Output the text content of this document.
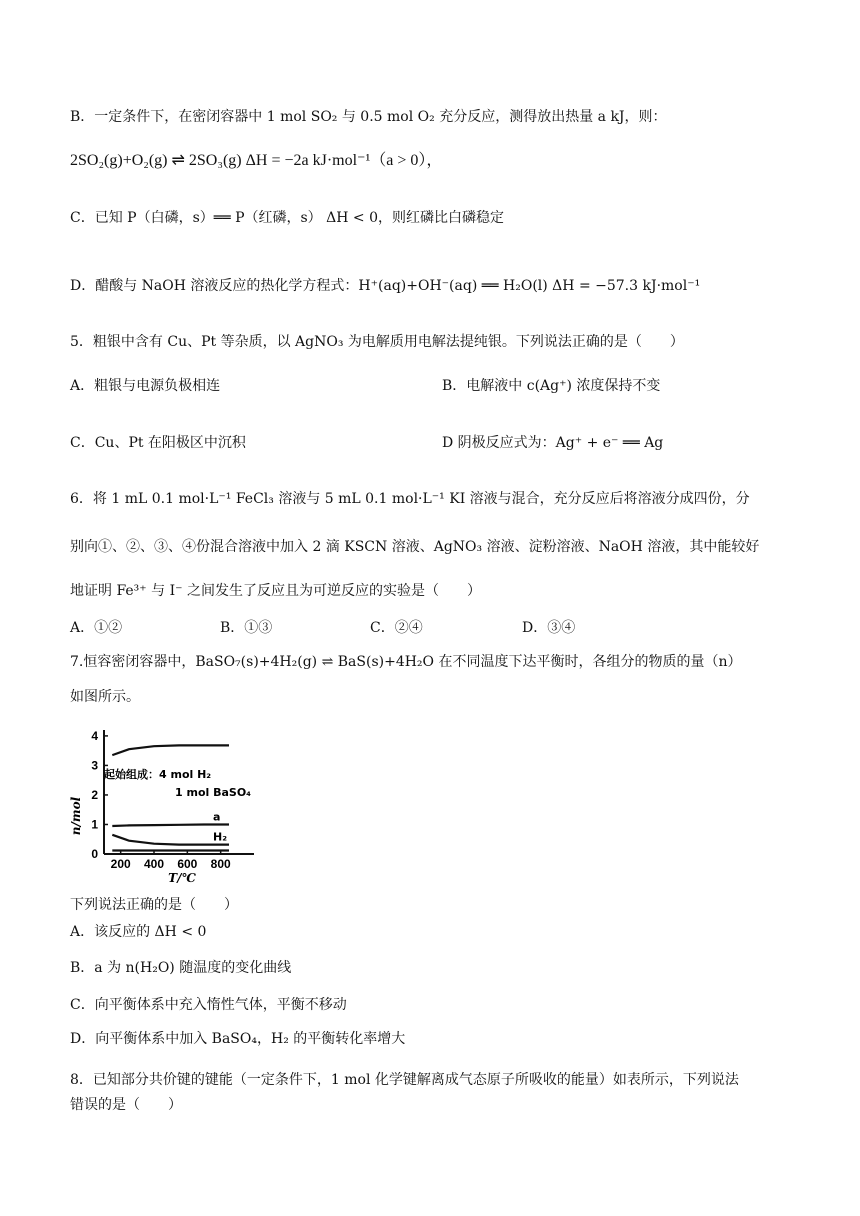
B．一定条件下，在密闭容器中 1 mol SO₂ 与 0.5 mol O₂ 充分反应，测得放出热量 a kJ，则：
2SO₂(g)+O₂(g) ⇌ 2SO₃(g) ΔH = −2a kJ·mol⁻¹（a > 0），
C．已知 P（白磷，s）══ P（红磷，s） ΔH < 0，则红磷比白磷稳定
D．醋酸与 NaOH 溶液反应的热化学方程式：H⁺(aq)+OH⁻(aq) ══ H₂O(l) ΔH = −57.3 kJ·mol⁻¹
5．粗银中含有 Cu、Pt 等杂质，以 AgNO₃ 为电解质用电解法提纯银。下列说法正确的是（　　）
A．粗银与电源负极相连	B．电解液中 c(Ag⁺) 浓度保持不变
C．Cu、Pt 在阳极区中沉积	D 阴极反应式为：Ag⁺ + e⁻ ══ Ag
6．将 1 mL 0.1 mol·L⁻¹ FeCl₃ 溶液与 5 mL 0.1 mol·L⁻¹ KI 溶液与混合，充分反应后将溶液分成四份，分
别向①、②、③、④份混合溶液中加入 2 滴 KSCN 溶液、AgNO₃ 溶液、淀粉溶液、NaOH 溶液，其中能较好
地证明 Fe³⁺ 与 I⁻ 之间发生了反应且为可逆反应的实验是（　　）
A．①②	B．①③	C．②④	D．③④
7.恒容密闭容器中，BaSO₇(s)+4H₂(g) ⇌ BaS(s)+4H₂O 在不同温度下达平衡时，各组分的物质的量（n）
如图所示。
200 400 600 800
0
1
2
3
4
n/mol
T/℃
起始组成：4 mol H₂
1 mol BaSO₄
a
H₂
下列说法正确的是（　　）
A．该反应的 ΔH < 0
B．a 为 n(H₂O) 随温度的变化曲线
C．向平衡体系中充入惰性气体，平衡不移动
D．向平衡体系中加入 BaSO₄，H₂ 的平衡转化率增大
8．已知部分共价键的键能（一定条件下，1 mol 化学键解离成气态原子所吸收的能量）如表所示，下列说法
错误的是（　　）
